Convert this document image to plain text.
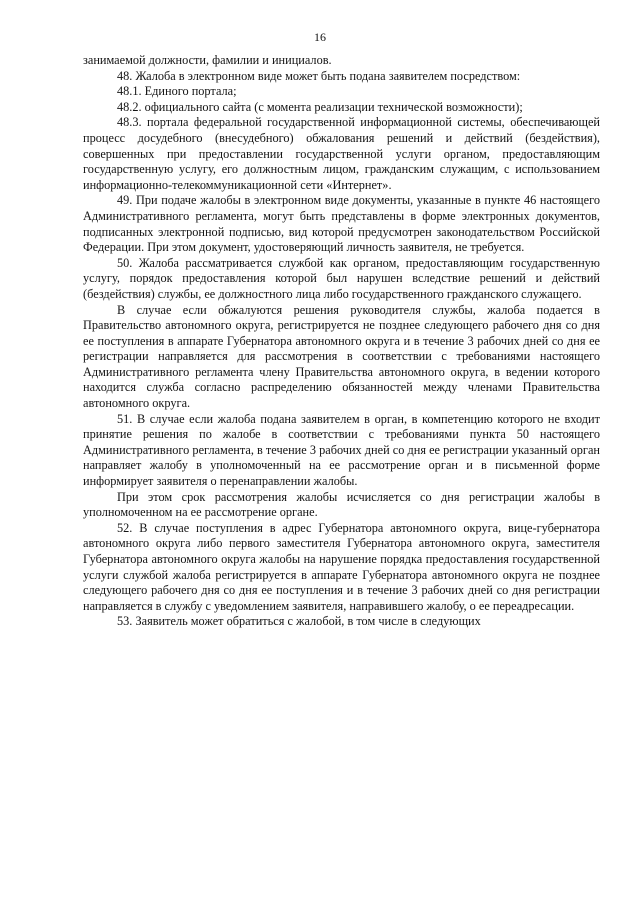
16

занимаемой должности, фамилии и инициалов.

48. Жалоба в электронном виде может быть подана заявителем посредством:

48.1. Единого портала;

48.2. официального сайта (с момента реализации технической возможности);

48.3. портала федеральной государственной информационной системы, обеспечивающей процесс досудебного (внесудебного) обжалования решений и действий (бездействия), совершенных при предоставлении государственной услуги органом, предоставляющим государственную услугу, его должностным лицом, гражданским служащим, с использованием информационно-телекоммуникационной сети «Интернет».

49. При подаче жалобы в электронном виде документы, указанные в пункте 46 настоящего Административного регламента, могут быть представлены в форме электронных документов, подписанных электронной подписью, вид которой предусмотрен законодательством Российской Федерации. При этом документ, удостоверяющий личность заявителя, не требуется.

50. Жалоба рассматривается службой как органом, предоставляющим государственную услугу, порядок предоставления которой был нарушен вследствие решений и действий (бездействия) службы, ее должностного лица либо государственного гражданского служащего.

В случае если обжалуются решения руководителя службы, жалоба подается в Правительство автономного округа, регистрируется не позднее следующего рабочего дня со дня ее поступления в аппарате Губернатора автономного округа и в течение 3 рабочих дней со дня ее регистрации направляется для рассмотрения в соответствии с требованиями настоящего Административного регламента члену Правительства автономного округа, в ведении которого находится служба согласно распределению обязанностей между членами Правительства автономного округа.

51. В случае если жалоба подана заявителем в орган, в компетенцию которого не входит принятие решения по жалобе в соответствии с требованиями пункта 50 настоящего Административного регламента, в течение 3 рабочих дней со дня ее регистрации указанный орган направляет жалобу в уполномоченный на ее рассмотрение орган и в письменной форме информирует заявителя о перенаправлении жалобы.

При этом срок рассмотрения жалобы исчисляется со дня регистрации жалобы в уполномоченном на ее рассмотрение органе.

52. В случае поступления в адрес Губернатора автономного округа, вице-губернатора автономного округа либо первого заместителя Губернатора автономного округа, заместителя Губернатора автономного округа жалобы на нарушение порядка предоставления государственной услуги службой жалоба регистрируется в аппарате Губернатора автономного округа не позднее следующего рабочего дня со дня ее поступления и в течение 3 рабочих дней со дня регистрации направляется в службу с уведомлением заявителя, направившего жалобу, о ее переадресации.

53. Заявитель может обратиться с жалобой, в том числе в следующих
